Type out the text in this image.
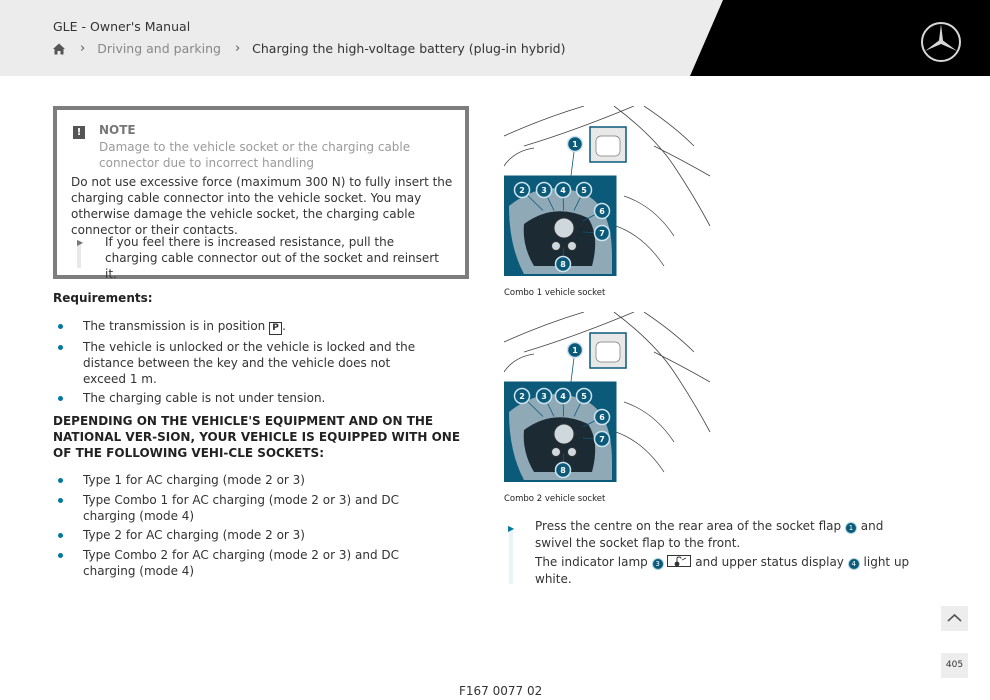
GLE - Owner's Manual
› Driving and parking › Charging the high-voltage battery (plug-in hybrid)
!	NOTE
Damage to the vehicle socket or the charging cable connector due to incorrect handling
Do not use excessive force (maximum 300 N) to fully insert the charging cable connector into the vehicle socket. You may otherwise damage the vehicle socket, the charging cable connector or their contacts.
▶ If you feel there is increased resistance, pull the charging cable connector out of the socket and reinsert it.
Requirements:
The transmission is in position P .
The vehicle is unlocked or the vehicle is locked and the distance between the key and the vehicle does not exceed 1 m.
The charging cable is not under tension.
DEPENDING ON THE VEHICLE'S EQUIPMENT AND ON THE NATIONAL VER-SION, YOUR VEHICLE IS EQUIPPED WITH ONE OF THE FOLLOWING VEHI-CLE SOCKETS:
Type 1 for AC charging (mode 2 or 3)
Type Combo 1 for AC charging (mode 2 or 3) and DC charging (mode 4)
Type 2 for AC charging (mode 2 or 3)
Type Combo 2 for AC charging (mode 2 or 3) and DC charging (mode 4)
1
2 3 4 5
6
7
8
Combo 1 vehicle socket
1
2 3 4 5
6
7
8
Combo 2 vehicle socket
▶ Press the centre on the rear area of the socket flap 1 and swivel the socket flap to the front.
The indicator lamp 3	and upper status display 4 light up white.
405
F167 0077 02
